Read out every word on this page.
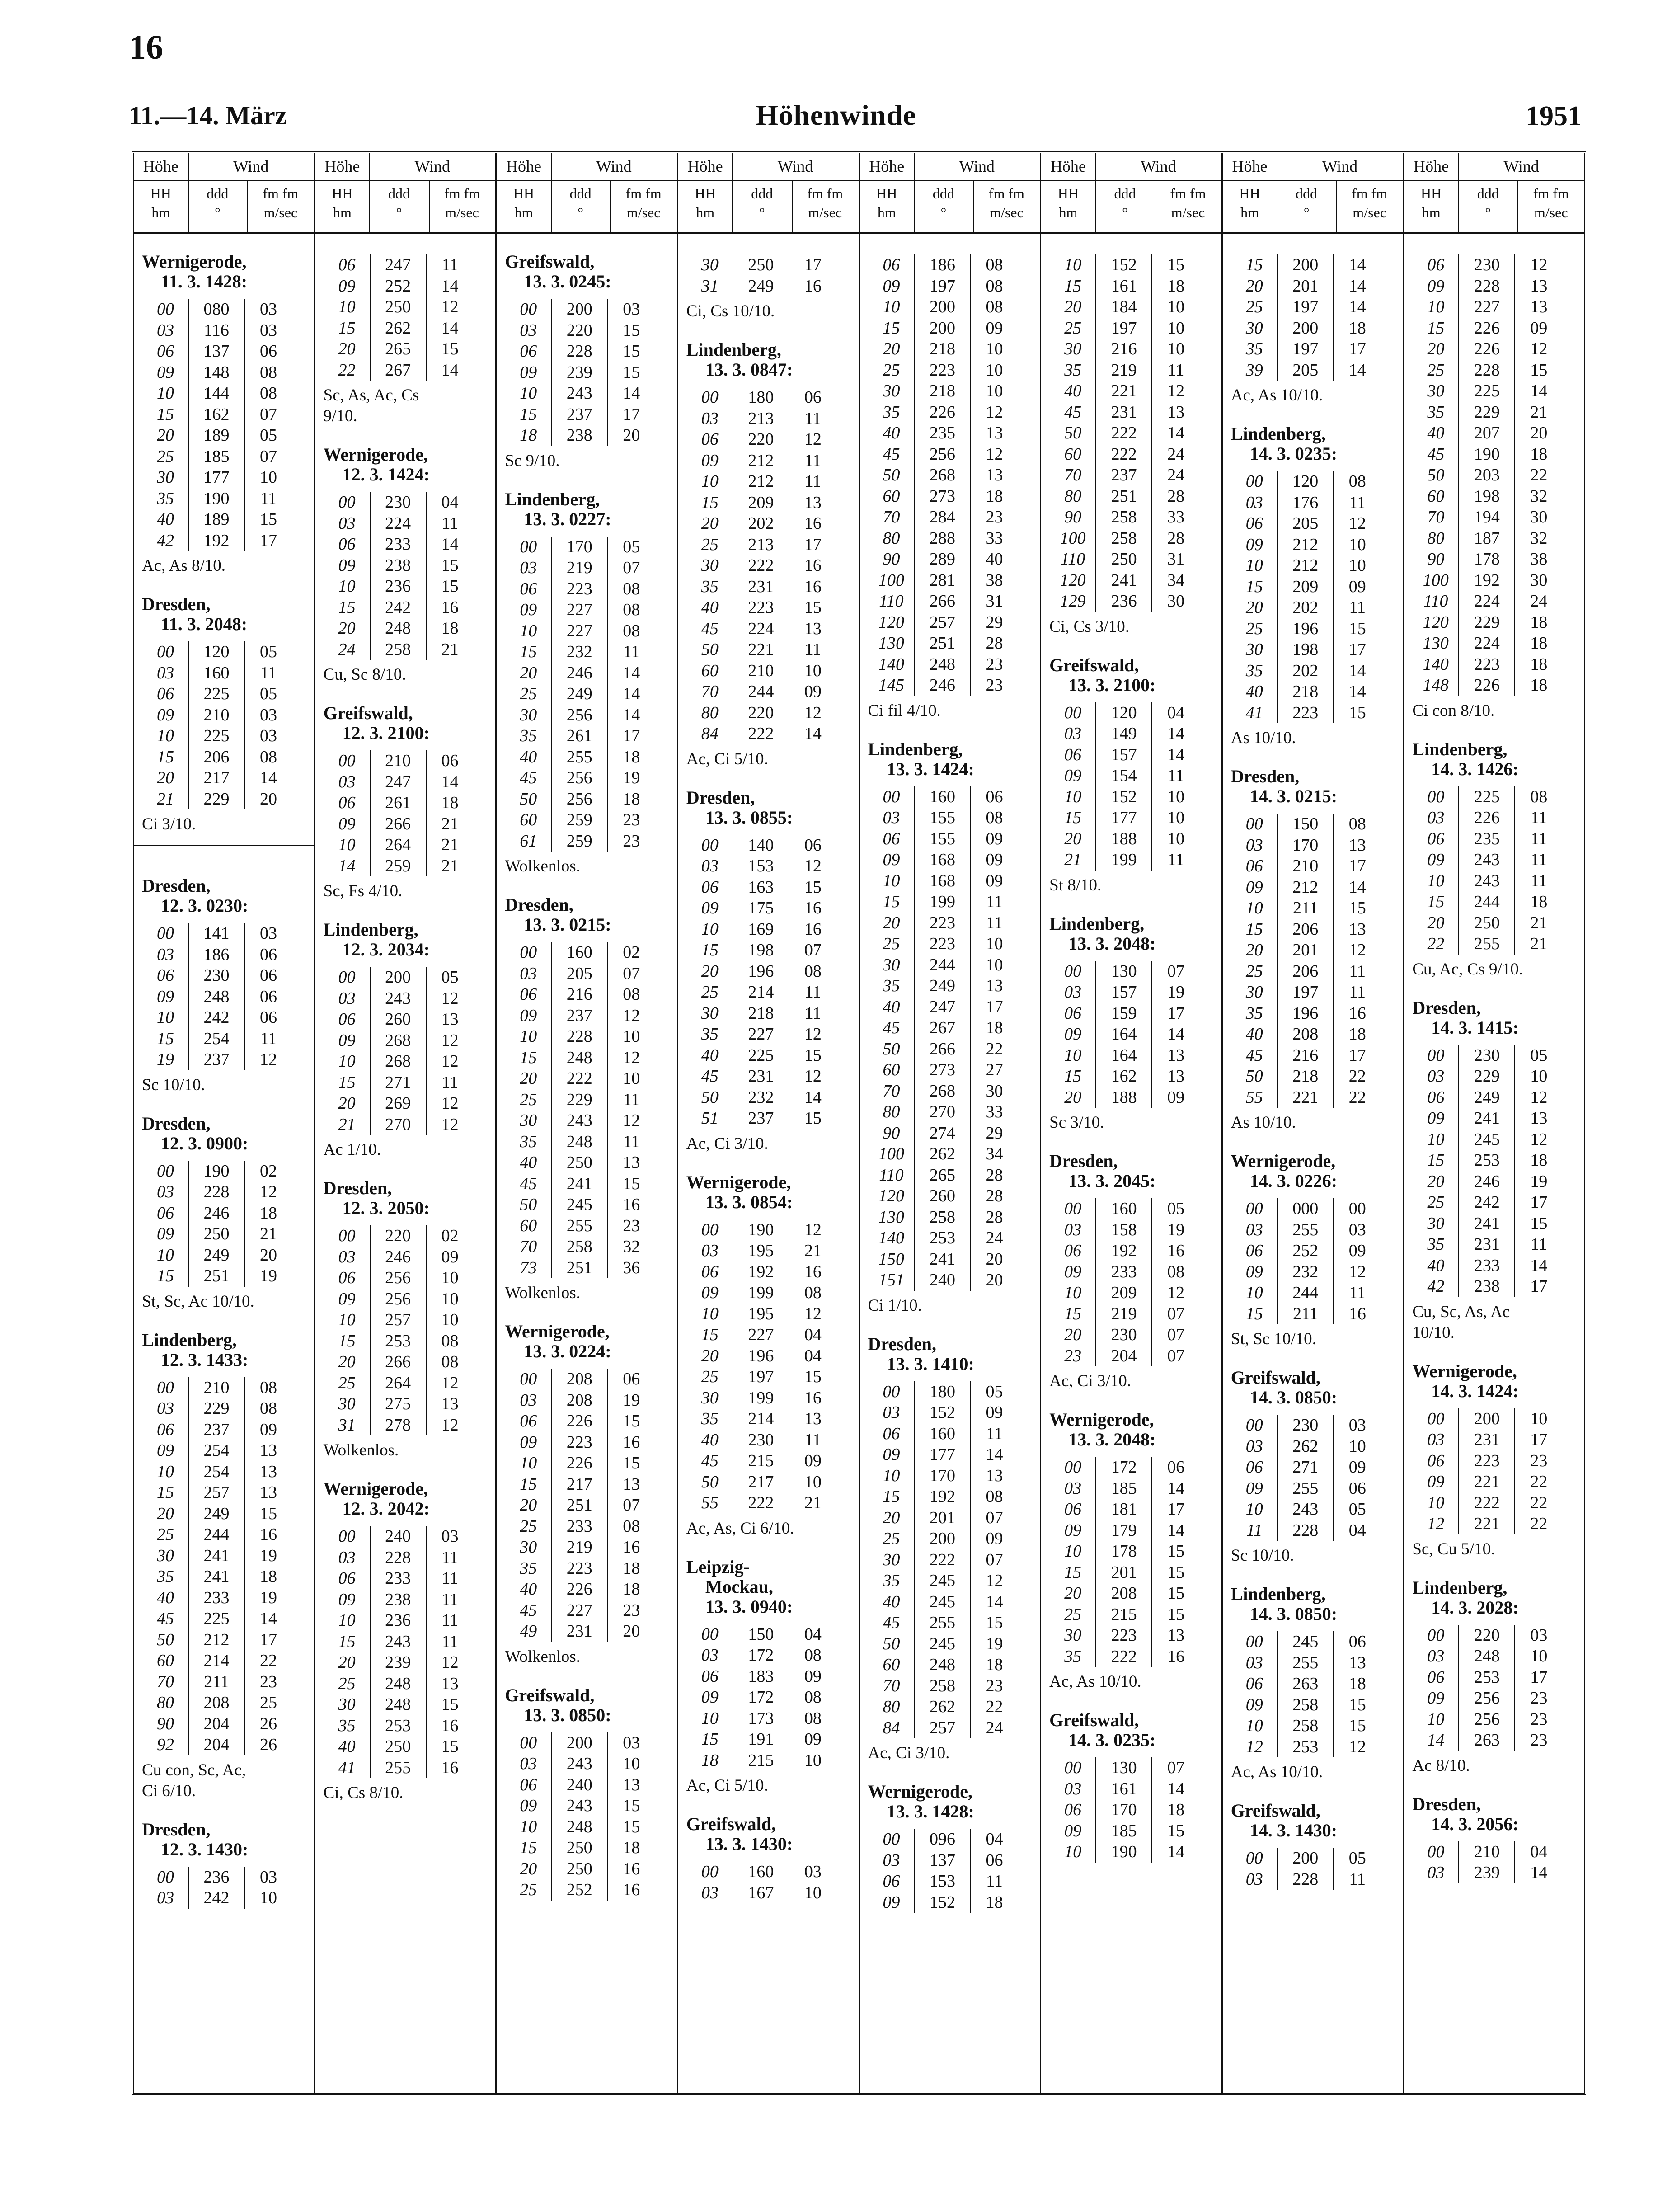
16
11.—14. März	Höhenwinde	1951
Höhe	Wind
HH
hm
ddd
°
fm fm
m/sec
Wernigerode,
11. 3. 1428:
00	080	03
03	116	03
06	137	06
09	148	08
10	144	08
15	162	07
20	189	05
25	185	07
30	177	10
35	190	11
40	189	15
42	192	17
Ac, As 8/10.
Dresden,
11. 3. 2048:
00	120	05
03	160	11
06	225	05
09	210	03
10	225	03
15	206	08
20	217	14
21	229	20
Ci 3/10.
Dresden,
12. 3. 0230:
00	141	03
03	186	06
06	230	06
09	248	06
10	242	06
15	254	11
19	237	12
Sc 10/10.
Dresden,
12. 3. 0900:
00	190	02
03	228	12
06	246	18
09	250	21
10	249	20
15	251	19
St, Sc, Ac 10/10.
Lindenberg,
12. 3. 1433:
00	210	08
03	229	08
06	237	09
09	254	13
10	254	13
15	257	13
20	249	15
25	244	16
30	241	19
35	241	18
40	233	19
45	225	14
50	212	17
60	214	22
70	211	23
80	208	25
90	204	26
92	204	26
Cu con, Sc, Ac,
Ci 6/10.
Dresden,
12. 3. 1430:
00	236	03
03	242	10
Höhe	Wind
HH
hm
ddd
°
fm fm
m/sec
06	247	11
09	252	14
10	250	12
15	262	14
20	265	15
22	267	14
Sc, As, Ac, Cs
9/10.
Wernigerode,
12. 3. 1424:
00	230	04
03	224	11
06	233	14
09	238	15
10	236	15
15	242	16
20	248	18
24	258	21
Cu, Sc 8/10.
Greifswald,
12. 3. 2100:
00	210	06
03	247	14
06	261	18
09	266	21
10	264	21
14	259	21
Sc, Fs 4/10.
Lindenberg,
12. 3. 2034:
00	200	05
03	243	12
06	260	13
09	268	12
10	268	12
15	271	11
20	269	12
21	270	12
Ac 1/10.
Dresden,
12. 3. 2050:
00	220	02
03	246	09
06	256	10
09	256	10
10	257	10
15	253	08
20	266	08
25	264	12
30	275	13
31	278	12
Wolkenlos.
Wernigerode,
12. 3. 2042:
00	240	03
03	228	11
06	233	11
09	238	11
10	236	11
15	243	11
20	239	12
25	248	13
30	248	15
35	253	16
40	250	15
41	255	16
Ci, Cs 8/10.
Höhe	Wind
HH
hm
ddd
°
fm fm
m/sec
Greifswald,
13. 3. 0245:
00	200	03
03	220	15
06	228	15
09	239	15
10	243	14
15	237	17
18	238	20
Sc 9/10.
Lindenberg,
13. 3. 0227:
00	170	05
03	219	07
06	223	08
09	227	08
10	227	08
15	232	11
20	246	14
25	249	14
30	256	14
35	261	17
40	255	18
45	256	19
50	256	18
60	259	23
61	259	23
Wolkenlos.
Dresden,
13. 3. 0215:
00	160	02
03	205	07
06	216	08
09	237	12
10	228	10
15	248	12
20	222	10
25	229	11
30	243	12
35	248	11
40	250	13
45	241	15
50	245	16
60	255	23
70	258	32
73	251	36
Wolkenlos.
Wernigerode,
13. 3. 0224:
00	208	06
03	208	19
06	226	15
09	223	16
10	226	15
15	217	13
20	251	07
25	233	08
30	219	16
35	223	18
40	226	18
45	227	23
49	231	20
Wolkenlos.
Greifswald,
13. 3. 0850:
00	200	03
03	243	10
06	240	13
09	243	15
10	248	15
15	250	18
20	250	16
25	252	16
Höhe	Wind
HH
hm
ddd
°
fm fm
m/sec
30	250	17
31	249	16
Ci, Cs 10/10.
Lindenberg,
13. 3. 0847:
00	180	06
03	213	11
06	220	12
09	212	11
10	212	11
15	209	13
20	202	16
25	213	17
30	222	16
35	231	16
40	223	15
45	224	13
50	221	11
60	210	10
70	244	09
80	220	12
84	222	14
Ac, Ci 5/10.
Dresden,
13. 3. 0855:
00	140	06
03	153	12
06	163	15
09	175	16
10	169	16
15	198	07
20	196	08
25	214	11
30	218	11
35	227	12
40	225	15
45	231	12
50	232	14
51	237	15
Ac, Ci 3/10.
Wernigerode,
13. 3. 0854:
00	190	12
03	195	21
06	192	16
09	199	08
10	195	12
15	227	04
20	196	04
25	197	15
30	199	16
35	214	13
40	230	11
45	215	09
50	217	10
55	222	21
Ac, As, Ci 6/10.
Leipzig-
Mockau,
13. 3. 0940:
00	150	04
03	172	08
06	183	09
09	172	08
10	173	08
15	191	09
18	215	10
Ac, Ci 5/10.
Greifswald,
13. 3. 1430:
00	160	03
03	167	10
Höhe	Wind
HH
hm
ddd
°
fm fm
m/sec
06	186	08
09	197	08
10	200	08
15	200	09
20	218	10
25	223	10
30	218	10
35	226	12
40	235	13
45	256	12
50	268	13
60	273	18
70	284	23
80	288	33
90	289	40
100	281	38
110	266	31
120	257	29
130	251	28
140	248	23
145	246	23
Ci fil 4/10.
Lindenberg,
13. 3. 1424:
00	160	06
03	155	08
06	155	09
09	168	09
10	168	09
15	199	11
20	223	11
25	223	10
30	244	10
35	249	13
40	247	17
45	267	18
50	266	22
60	273	27
70	268	30
80	270	33
90	274	29
100	262	34
110	265	28
120	260	28
130	258	28
140	253	24
150	241	20
151	240	20
Ci 1/10.
Dresden,
13. 3. 1410:
00	180	05
03	152	09
06	160	11
09	177	14
10	170	13
15	192	08
20	201	07
25	200	09
30	222	07
35	245	12
40	245	14
45	255	15
50	245	19
60	248	18
70	258	23
80	262	22
84	257	24
Ac, Ci 3/10.
Wernigerode,
13. 3. 1428:
00	096	04
03	137	06
06	153	11
09	152	18
Höhe	Wind
HH
hm
ddd
°
fm fm
m/sec
10	152	15
15	161	18
20	184	10
25	197	10
30	216	10
35	219	11
40	221	12
45	231	13
50	222	14
60	222	24
70	237	24
80	251	28
90	258	33
100	258	28
110	250	31
120	241	34
129	236	30
Ci, Cs 3/10.
Greifswald,
13. 3. 2100:
00	120	04
03	149	14
06	157	14
09	154	11
10	152	10
15	177	10
20	188	10
21	199	11
St 8/10.
Lindenberg,
13. 3. 2048:
00	130	07
03	157	19
06	159	17
09	164	14
10	164	13
15	162	13
20	188	09
Sc 3/10.
Dresden,
13. 3. 2045:
00	160	05
03	158	19
06	192	16
09	233	08
10	209	12
15	219	07
20	230	07
23	204	07
Ac, Ci 3/10.
Wernigerode,
13. 3. 2048:
00	172	06
03	185	14
06	181	17
09	179	14
10	178	15
15	201	15
20	208	15
25	215	15
30	223	13
35	222	16
Ac, As 10/10.
Greifswald,
14. 3. 0235:
00	130	07
03	161	14
06	170	18
09	185	15
10	190	14
Höhe	Wind
HH
hm
ddd
°
fm fm
m/sec
15	200	14
20	201	14
25	197	14
30	200	18
35	197	17
39	205	14
Ac, As 10/10.
Lindenberg,
14. 3. 0235:
00	120	08
03	176	11
06	205	12
09	212	10
10	212	10
15	209	09
20	202	11
25	196	15
30	198	17
35	202	14
40	218	14
41	223	15
As 10/10.
Dresden,
14. 3. 0215:
00	150	08
03	170	13
06	210	17
09	212	14
10	211	15
15	206	13
20	201	12
25	206	11
30	197	11
35	196	16
40	208	18
45	216	17
50	218	22
55	221	22
As 10/10.
Wernigerode,
14. 3. 0226:
00	000	00
03	255	03
06	252	09
09	232	12
10	244	11
15	211	16
St, Sc 10/10.
Greifswald,
14. 3. 0850:
00	230	03
03	262	10
06	271	09
09	255	06
10	243	05
11	228	04
Sc 10/10.
Lindenberg,
14. 3. 0850:
00	245	06
03	255	13
06	263	18
09	258	15
10	258	15
12	253	12
Ac, As 10/10.
Greifswald,
14. 3. 1430:
00	200	05
03	228	11
Höhe	Wind
HH
hm
ddd
°
fm fm
m/sec
06	230	12
09	228	13
10	227	13
15	226	09
20	226	12
25	228	15
30	225	14
35	229	21
40	207	20
45	190	18
50	203	22
60	198	32
70	194	30
80	187	32
90	178	38
100	192	30
110	224	24
120	229	18
130	224	18
140	223	18
148	226	18
Ci con 8/10.
Lindenberg,
14. 3. 1426:
00	225	08
03	226	11
06	235	11
09	243	11
10	243	11
15	244	18
20	250	21
22	255	21
Cu, Ac, Cs 9/10.
Dresden,
14. 3. 1415:
00	230	05
03	229	10
06	249	12
09	241	13
10	245	12
15	253	18
20	246	19
25	242	17
30	241	15
35	231	11
40	233	14
42	238	17
Cu, Sc, As, Ac
10/10.
Wernigerode,
14. 3. 1424:
00	200	10
03	231	17
06	223	23
09	221	22
10	222	22
12	221	22
Sc, Cu 5/10.
Lindenberg,
14. 3. 2028:
00	220	03
03	248	10
06	253	17
09	256	23
10	256	23
14	263	23
Ac 8/10.
Dresden,
14. 3. 2056:
00	210	04
03	239	14
